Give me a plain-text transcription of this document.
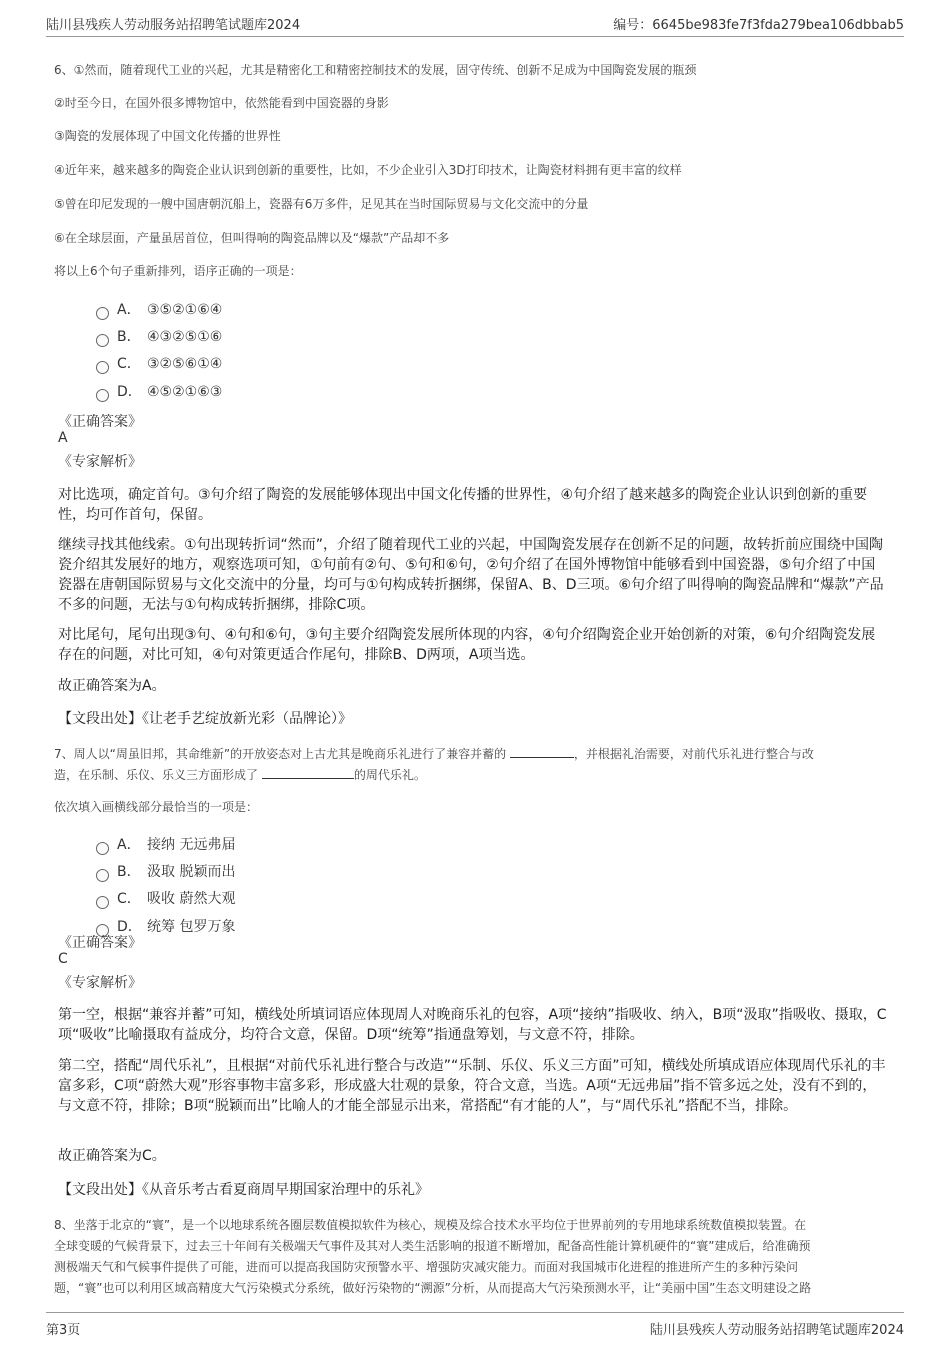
陆川县残疾人劳动服务站招聘笔试题库2024	编号：6645be983fe7f3fda279bea106dbbab5
6、①然而，随着现代工业的兴起，尤其是精密化工和精密控制技术的发展，固守传统、创新不足成为中国陶瓷发展的瓶颈
②时至今日，在国外很多博物馆中，依然能看到中国瓷器的身影
③陶瓷的发展体现了中国文化传播的世界性
④近年来，越来越多的陶瓷企业认识到创新的重要性，比如，不少企业引入3D打印技术，让陶瓷材料拥有更丰富的纹样
⑤曾在印尼发现的一艘中国唐朝沉船上，瓷器有6万多件，足见其在当时国际贸易与文化交流中的分量
⑥在全球层面，产量虽居首位，但叫得响的陶瓷品牌以及“爆款”产品却不多
将以上6个句子重新排列，语序正确的一项是：
A． ③⑤②①⑥④
B． ④③②⑤①⑥
C． ③②⑤⑥①④
D． ④⑤②①⑥③
《正确答案》
A
《专家解析》
对比选项，确定首句。③句介绍了陶瓷的发展能够体现出中国文化传播的世界性，④句介绍了越来越多的陶瓷企业认识到创新的重要性，均可作首句，保留。
继续寻找其他线索。①句出现转折词“然而”，介绍了随着现代工业的兴起，中国陶瓷发展存在创新不足的问题，故转折前应围绕中国陶瓷介绍其发展好的地方，观察选项可知，①句前有②句、⑤句和⑥句，②句介绍了在国外博物馆中能够看到中国瓷器，⑤句介绍了中国瓷器在唐朝国际贸易与文化交流中的分量，均可与①句构成转折捆绑，保留A、B、D三项。⑥句介绍了叫得响的陶瓷品牌和“爆款”产品不多的问题，无法与①句构成转折捆绑，排除C项。
对比尾句，尾句出现③句、④句和⑥句，③句主要介绍陶瓷发展所体现的内容，④句介绍陶瓷企业开始创新的对策，⑥句介绍陶瓷发展存在的问题，对比可知，④句对策更适合作尾句，排除B、D两项，A项当选。
故正确答案为A。
【文段出处】《让老手艺绽放新光彩（品牌论）》
7、周人以“周虽旧邦，其命维新”的开放姿态对上古尤其是晚商乐礼进行了兼容并蓄的	，并根据礼治需要，对前代乐礼进行整合与改
造，在乐制、乐仪、乐义三方面形成了	的周代乐礼。
依次填入画横线部分最恰当的一项是：
A． 接纳 无远弗届
B． 汲取 脱颖而出
C． 吸收 蔚然大观
D． 统筹 包罗万象
《正确答案》
C
《专家解析》
第一空，根据“兼容并蓄”可知，横线处所填词语应体现周人对晚商乐礼的包容，A项“接纳”指吸收、纳入，B项“汲取”指吸收、摄取，C项“吸收”比喻摄取有益成分，均符合文意，保留。D项“统筹”指通盘筹划，与文意不符，排除。
第二空，搭配“周代乐礼”，且根据“对前代乐礼进行整合与改造”“乐制、乐仪、乐义三方面”可知，横线处所填成语应体现周代乐礼的丰富多彩，C项“蔚然大观”形容事物丰富多彩，形成盛大壮观的景象，符合文意，当选。A项“无远弗届”指不管多远之处，没有不到的，与文意不符，排除；B项“脱颖而出”比喻人的才能全部显示出来，常搭配“有才能的人”，与“周代乐礼”搭配不当，排除。
故正确答案为C。
【文段出处】《从音乐考古看夏商周早期国家治理中的乐礼》
8、坐落于北京的“寰”，是一个以地球系统各圈层数值模拟软件为核心，规模及综合技术水平均位于世界前列的专用地球系统数值模拟装置。在
全球变暖的气候背景下，过去三十年间有关极端天气事件及其对人类生活影响的报道不断增加，配备高性能计算机硬件的“寰”建成后，给准确预
测极端天气和气候事件提供了可能，进而可以提高我国防灾预警水平、增强防灾减灾能力。而面对我国城市化进程的推进所产生的多种污染问
题，“寰”也可以利用区域高精度大气污染模式分系统，做好污染物的“溯源”分析，从而提高大气污染预测水平，让“美丽中国”生态文明建设之路
第3页	陆川县残疾人劳动服务站招聘笔试题库2024
